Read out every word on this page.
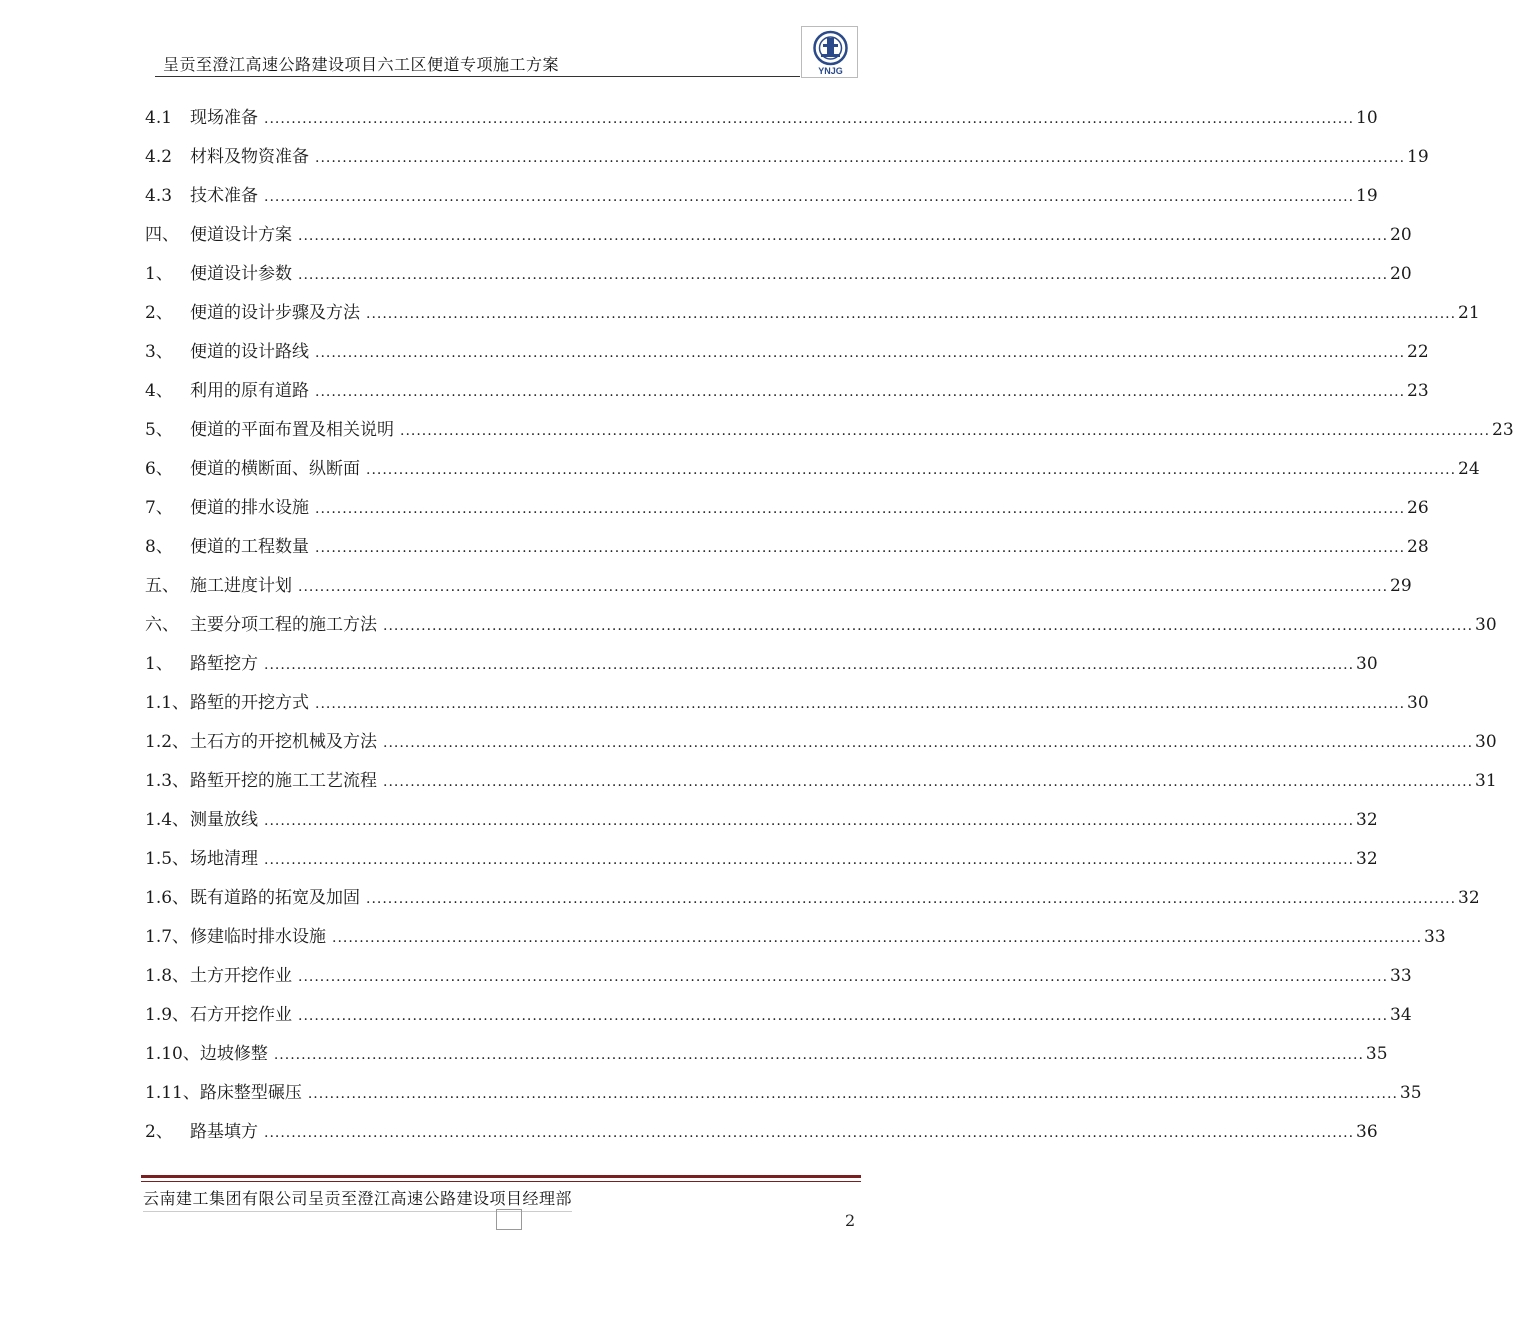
呈贡至澄江高速公路建设项目六工区便道专项施工方案	YNJG
4.1	现场准备 ........................................................................................................................................................................................................ 10
4.2	材料及物资准备 ........................................................................................................................................................................................................ 19
4.3	技术准备 ........................................................................................................................................................................................................ 19
四、 便道设计方案 ........................................................................................................................................................................................................ 20
1、	便道设计参数 ........................................................................................................................................................................................................ 20
2、	便道的设计步骤及方法 ........................................................................................................................................................................................................ 21
3、	便道的设计路线 ........................................................................................................................................................................................................ 22
4、	利用的原有道路 ........................................................................................................................................................................................................ 23
5、	便道的平面布置及相关说明 ........................................................................................................................................................................................................ 23
6、	便道的横断面、纵断面 ........................................................................................................................................................................................................ 24
7、	便道的排水设施 ........................................................................................................................................................................................................ 26
8、	便道的工程数量 ........................................................................................................................................................................................................ 28
五、 施工进度计划 ........................................................................................................................................................................................................ 29
六、 主要分项工程的施工方法 ........................................................................................................................................................................................................ 30
1、	路堑挖方 ........................................................................................................................................................................................................ 30
1.1、 路堑的开挖方式 ........................................................................................................................................................................................................ 30
1.2、 土石方的开挖机械及方法 ........................................................................................................................................................................................................ 30
1.3、 路堑开挖的施工工艺流程 ........................................................................................................................................................................................................ 31
1.4、 测量放线 ........................................................................................................................................................................................................ 32
1.5、 场地清理 ........................................................................................................................................................................................................ 32
1.6、 既有道路的拓宽及加固 ........................................................................................................................................................................................................ 32
1.7、 修建临时排水设施 ........................................................................................................................................................................................................ 33
1.8、 土方开挖作业 ........................................................................................................................................................................................................ 33
1.9、 石方开挖作业 ........................................................................................................................................................................................................ 34
1.10、边坡修整 ........................................................................................................................................................................................................ 35
1.11、路床整型碾压 ........................................................................................................................................................................................................ 35
2、	路基填方 ........................................................................................................................................................................................................ 36
云南建工集团有限公司呈贡至澄江高速公路建设项目经理部
2
